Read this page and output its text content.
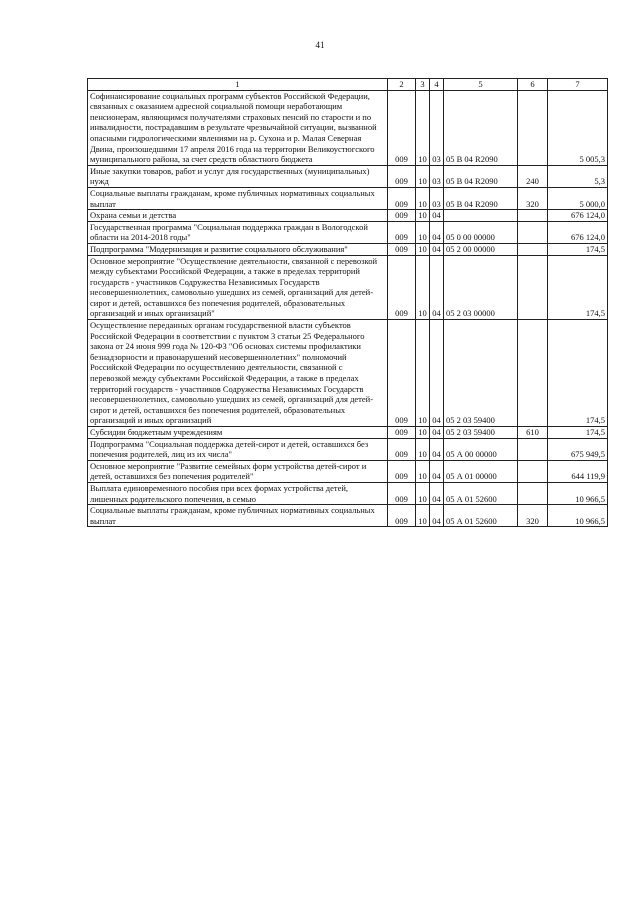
41
1	2	3	4	5	6	7
Софинансирование социальных программ субъектов Российской Федерации, связанных с оказанием адресной социальной помощи неработающим пенсионерам, являющимся получателями страховых пенсий по старости и по инвалидности, пострадавшим в результате чрезвычайной ситуации, вызванной опасными гидрологическими явлениями на р. Сухона и р. Малая Северная Двина, произошедшими 17 апреля 2016 года на территории Великоустюгского муниципального района, за счет средств областного бюджета	009	10	03	05 В 04 R2090		5 005,3
Иные закупки товаров, работ и услуг для государственных (муниципальных) нужд	009	10	03	05 В 04 R2090	240	5,3
Социальные выплаты гражданам, кроме публичных нормативных социальных выплат	009	10	03	05 В 04 R2090	320	5 000,0
Охрана семьи и детства	009	10	04			676 124,0
Государственная программа "Социальная поддержка граждан в Вологодской области на 2014-2018 годы"	009	10	04	05 0 00 00000		676 124,0
Подпрограмма "Модернизация и развитие социального обслуживания"	009	10	04	05 2 00 00000		174,5
Основное мероприятие "Осуществление деятельности, связанной с перевозкой между субъектами Российской Федерации, а также в пределах территорий государств - участников Содружества Независимых Государств несовершеннолетних, самовольно ушедших из семей, организаций для детей-сирот и детей, оставшихся без попечения родителей, образовательных организаций и иных организаций"	009	10	04	05 2 03 00000		174,5
Осуществление переданных органам государственной власти субъектов Российской Федерации в соответствии с пунктом 3 статьи 25 Федерального закона от 24 июня 999 года № 120-ФЗ "Об основах системы профилактики безнадзорности и правонарушений несовершеннолетних" полномочий Российской Федерации по осуществлению деятельности, связанной с перевозкой между субъектами Российской Федерации, а также в пределах территорий государств - участников Содружества Независимых Государств несовершеннолетних, самовольно ушедших из семей, организаций для детей-сирот и детей, оставшихся без попечения родителей, образовательных организаций и иных организаций	009	10	04	05 2 03 59400		174,5
Субсидии бюджетным учреждениям	009	10	04	05 2 03 59400	610	174,5
Подпрограмма "Социальная поддержка детей-сирот и детей, оставшихся без попечения родителей, лиц из их числа"	009	10	04	05 А 00 00000		675 949,5
Основное мероприятие "Развитие семейных форм устройства детей-сирот и детей, оставшихся без попечения родителей"	009	10	04	05 А 01 00000		644 119,9
Выплата единовременного пособия при всех формах устройства детей, лишенных родительского попечения, в семью	009	10	04	05 А 01 52600		10 966,5
Социальные выплаты гражданам, кроме публичных нормативных социальных выплат	009	10	04	05 А 01 52600	320	10 966,5
